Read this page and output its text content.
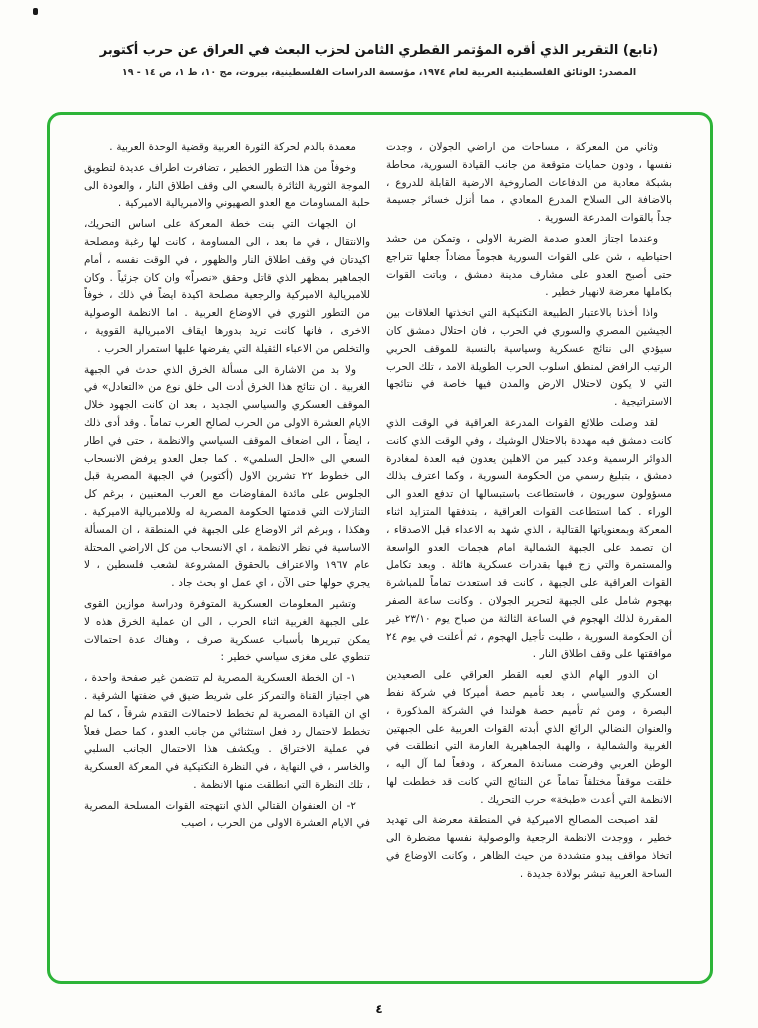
(تابع) التقرير الذي أقره المؤتمر القطري الثامن لحزب البعث في العراق عن حرب أكتوبر
المصدر: الوثائق الفلسطينية العربية لعام ١٩٧٤، مؤسسة الدراسات الفلسطينية، بيروت، مج ١٠، ط ١، ص ١٤ - ١٩

وثاني من المعركة ، مساحات من اراضي الجولان ، وجدت نفسها ، ودون حمايات متوقعة من جانب القيادة السورية، محاطة بشبكة معادية من الدفاعات الصاروخية الارضية القابلة للدروع ، بالاضافة الى السلاح المدرع المعادي ، مما أنزل خسائر جسيمة جداً بالقوات المدرعة السورية .

وعندما اجتاز العدو صدمة الضربة الاولى ، وتمكن من حشد احتياطيه ، شن على القوات السورية هجوماً مضاداً جعلها تتراجع حتى أصبح العدو على مشارف مدينة دمشق ، وباتت القوات بكاملها معرضة لانهيار خطير .

واذا أخذنا بالاعتبار الطبيعة التكتيكية التي اتخذتها العلاقات بين الجيشين المصري والسوري في الحرب ، فان احتلال دمشق كان سيؤدي الى نتائج عسكرية وسياسية بالنسبة للموقف الحربي الرتيب الرافض لمنطق اسلوب الحرب الطويلة الامد ، تلك الحرب التي لا يكون لاحتلال الارض والمدن فيها خاصة في نتائجها الاستراتيجية .

لقد وصلت طلائع القوات المدرعة العراقية في الوقت الذي كانت دمشق فيه مهددة بالاحتلال الوشيك ، وفي الوقت الذي كانت الدوائر الرسمية وعدد كبير من الاهلين يعدون فيه العدة لمغادرة دمشق ، بتبليغ رسمي من الحكومة السورية ، وكما اعترف بذلك مسؤولون سوريون ، فاستطاعت باستبسالها ان تدفع العدو الى الوراء . كما استطاعت القوات العراقية ، بتدفقها المتزايد اثناء المعركة وبمعنوياتها القتالية ، الذي شهد به الاعداء قبل الاصدقاء ، ان تصمد على الجبهة الشمالية امام هجمات العدو الواسعة والمستمرة والتي زج فيها بقدرات عسكرية هائلة . وبعد تكامل القوات العراقية على الجبهة ، كانت قد استعدت تماماً للمباشرة بهجوم شامل على الجبهة لتحرير الجولان . وكانت ساعة الصفر المقررة لذلك الهجوم في الساعة الثالثة من صباح يوم ٢٣/١٠ غير أن الحكومة السورية ، طلبت تأجيل الهجوم ، ثم أعلنت في يوم ٢٤ موافقتها على وقف اطلاق النار .

ان الدور الهام الذي لعبه القطر العراقي على الصعيدين العسكري والسياسي ، بعد تأميم حصة أميركا في شركة نفط البصرة ، ومن ثم تأميم حصة هولندا في الشركة المذكورة ، والعنوان النضالي الرائع الذي أبدته القوات العربية على الجبهتين الغربية والشمالية ، والهبة الجماهيرية العارمة التي انطلقت في الوطن العربي وفرضت مساندة المعركة ، ودفعاً لما آل اليه ، خلقت موقفاً مختلفاً تماماً عن النتائج التي كانت قد خططت لها الانظمة التي أعدت «طبخة» حرب التحريك .

لقد اصبحت المصالح الاميركية في المنطقة معرضة الى تهديد خطير ، ووجدت الانظمة الرجعية والوصولية نفسها مضطرة الى اتخاذ مواقف يبدو متشددة من حيث الظاهر ، وكانت الاوضاع في الساحة العربية تبشر بولادة جديدة .

معمدة بالدم لحركة الثورة العربية وقضية الوحدة العربية .

وخوفاً من هذا التطور الخطير ، تضافرت اطراف عديدة لتطويق الموجة الثورية الثائرة بالسعي الى وقف اطلاق النار ، والعودة الى حلبة المساومات مع العدو الصهيوني والامبريالية الاميركية .

ان الجهات التي بنت خطة المعركة على اساس التحريك، والانتقال ، في ما بعد ، الى المساومة ، كانت لها رغبة ومصلحة اكيدتان في وقف اطلاق النار والظهور ، في الوقت نفسه ، أمام الجماهير بمظهر الذي قاتل وحقق «نصراً» وان كان جزئياً . وكان للامبريالية الاميركية والرجعية مصلحة اكيدة ايضاً في ذلك ، خوفاً من التطور الثوري في الاوضاع العربية . اما الانظمة الوصولية الاخرى ، فانها كانت تريد بدورها ايقاف الامبريالية القووية ، والتخلص من الاعباء الثقيلة التي يفرضها عليها استمرار الحرب .

ولا بد من الاشارة الى مسألة الخرق الذي حدث في الجبهة الغربية . ان نتائج هذا الخرق أدت الى خلق نوع من «التعادل» في الموقف العسكري والسياسي الجديد ، بعد ان كانت الجهود خلال الايام العشرة الاولى من الحرب لصالح العرب تماماً . وقد أدى ذلك ، ايضاً ، الى اضعاف الموقف السياسي والانظمة ، حتى في اطار السعي الى «الحل السلمي» . كما جعل العدو يرفض الانسحاب الى خطوط ٢٢ تشرين الاول (أكتوبر) في الجبهة المصرية قبل الجلوس على مائدة المفاوضات مع العرب المعنيين ، برغم كل التنازلات التي قدمتها الحكومة المصرية له وللامبريالية الاميركية . وهكذا ، وبرغم اثر الاوضاع على الجبهة في المنطقة ، ان المسألة الاساسية في نظر الانظمة ، اي الانسحاب من كل الاراضي المحتلة عام ١٩٦٧ والاعتراف بالحقوق المشروعة لشعب فلسطين ، لا يجري حولها حتى الآن ، اي عمل او بحث جاد .

وتشير المعلومات العسكرية المتوفرة ودراسة موازين القوى على الجبهة الغربية اثناء الحرب ، الى ان عملية الخرق هذه لا يمكن تبريرها بأسباب عسكرية صرف ، وهناك عدة احتمالات تنطوي على مغزى سياسي خطير :

١- ان الخطة العسكرية المصرية لم تتضمن غير صفحة واحدة ، هي اجتياز القناة والتمركز على شريط ضيق في ضفتها الشرقية . اي ان القيادة المصرية لم تخطط لاحتمالات التقدم شرقاً ، كما لم تخطط لاحتمال رد فعل استثنائي من جانب العدو ، كما حصل فعلاً في عملية الاختراق . ويكشف هذا الاحتمال الجانب السلبي والخاسر ، في النهاية ، في النظرة التكتيكية في المعركة العسكرية ، تلك النظرة التي انطلقت منها الانظمة .

٢- ان العنفوان القتالي الذي انتهجته القوات المسلحة المصرية في الايام العشرة الاولى من الحرب ، اصيب

٤
